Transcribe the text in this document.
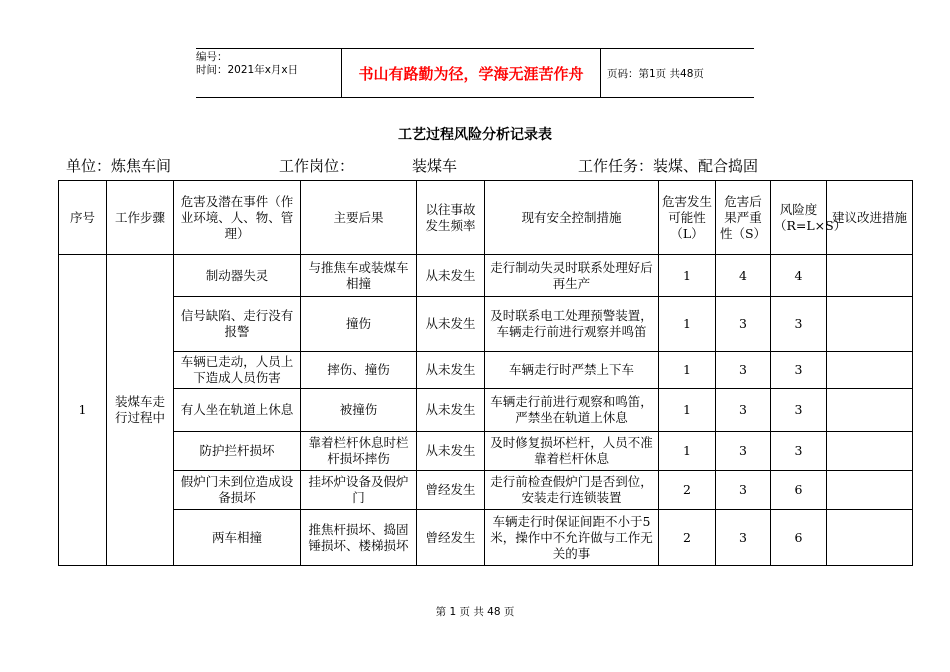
编号：
时间：2021年x月x日	书山有路勤为径，学海无涯苦作舟	页码：第1页 共48页
工艺过程风险分析记录表
单位：炼焦车间	工作岗位：	装煤车	工作任务：装煤、配合捣固
序号	工作步骤	危害及潜在事件（作业环境、人、物、管理）	主要后果	以往事故发生频率	现有安全控制措施	危害发生可能性（L）	危害后果严重性（S）	风险度（R=L×S）	建议改进措施
1	装煤车走行过程中	制动器失灵	与推焦车或装煤车相撞	从未发生	走行制动失灵时联系处理好后再生产	1	4	4	
		信号缺陷、走行没有报警	撞伤	从未发生	及时联系电工处理预警装置，车辆走行前进行观察并鸣笛	1	3	3	
		车辆已走动，人员上下造成人员伤害	摔伤、撞伤	从未发生	车辆走行时严禁上下车	1	3	3	
		有人坐在轨道上休息	被撞伤	从未发生	车辆走行前进行观察和鸣笛，严禁坐在轨道上休息	1	3	3	
		防护拦杆损坏	靠着栏杆休息时栏杆损坏摔伤	从未发生	及时修复损坏栏杆，人员不准靠着栏杆休息	1	3	3	
		假炉门未到位造成设备损坏	挂坏炉设备及假炉门	曾经发生	走行前检查假炉门是否到位，安装走行连锁装置	2	3	6	
		两车相撞	推焦杆损坏、捣固锤损坏、楼梯损坏	曾经发生	车辆走行时保证间距不小于5米，操作中不允许做与工作无关的事	2	3	6	
第 1 页 共 48 页
